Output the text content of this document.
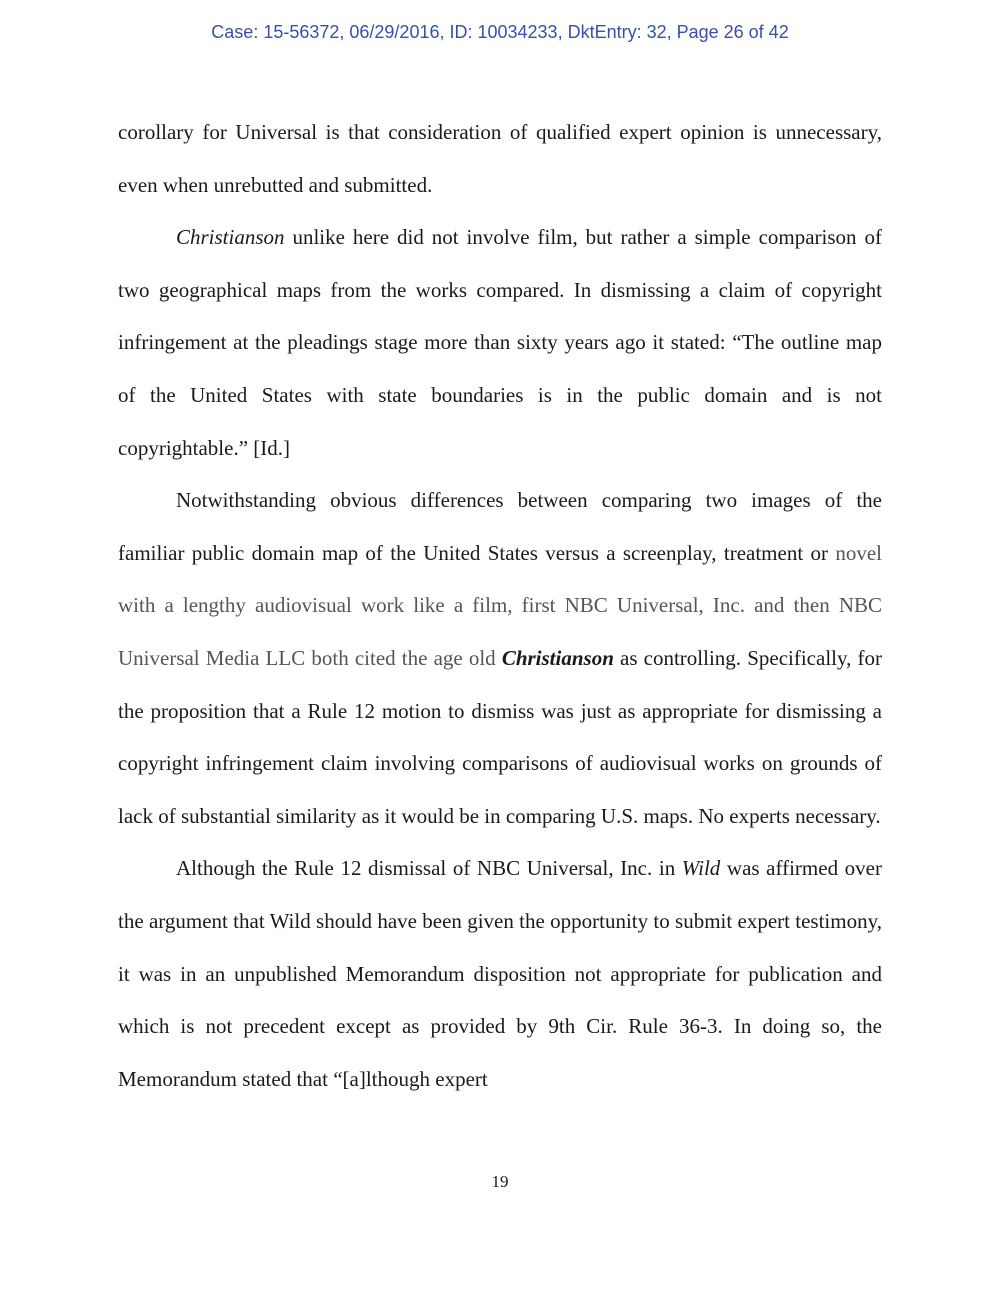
Case: 15-56372, 06/29/2016, ID: 10034233, DktEntry: 32, Page 26 of 42

corollary for Universal is that consideration of qualified expert opinion is unnecessary, even when unrebutted and submitted.

Christianson unlike here did not involve film, but rather a simple comparison of two geographical maps from the works compared. In dismissing a claim of copyright infringement at the pleadings stage more than sixty years ago it stated: “The outline map of the United States with state boundaries is in the public domain and is not copyrightable.” [Id.]

Notwithstanding obvious differences between comparing two images of the familiar public domain map of the United States versus a screenplay, treatment or novel with a lengthy audiovisual work like a film, first NBC Universal, Inc. and then NBC Universal Media LLC both cited the age old Christianson as controlling. Specifically, for the proposition that a Rule 12 motion to dismiss was just as appropriate for dismissing a copyright infringement claim involving comparisons of audiovisual works on grounds of lack of substantial similarity as it would be in comparing U.S. maps. No experts necessary.

Although the Rule 12 dismissal of NBC Universal, Inc. in Wild was affirmed over the argument that Wild should have been given the opportunity to submit expert testimony, it was in an unpublished Memorandum disposition not appropriate for publication and which is not precedent except as provided by 9th Cir. Rule 36-3. In doing so, the Memorandum stated that “[a]lthough expert

19
